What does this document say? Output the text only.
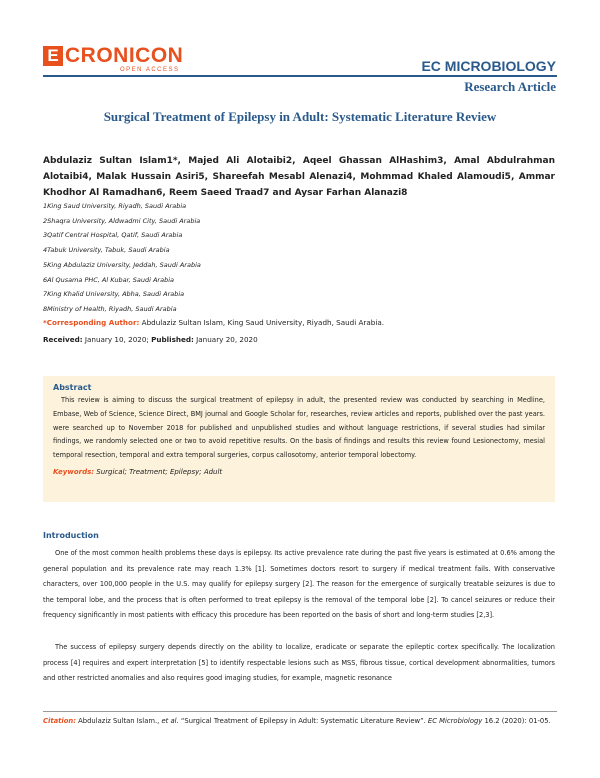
E CRONICON
OPEN ACCESS	EC MICROBIOLOGY
Research Article
Surgical Treatment of Epilepsy in Adult: Systematic Literature Review
Abdulaziz Sultan Islam1*, Majed Ali Alotaibi2, Aqeel Ghassan AlHashim3, Amal Abdulrahman Alotaibi4, Malak Hussain Asiri5, Shareefah Mesabl Alenazi4, Mohmmad Khaled Alamoudi5, Ammar Khodhor Al Ramadhan6, Reem Saeed Traad7 and Aysar Farhan Alanazi8
1King Saud University, Riyadh, Saudi Arabia
2Shaqra University, Aldwadmi City, Saudi Arabia
3Qatif Central Hospital, Qatif, Saudi Arabia
4Tabuk University, Tabuk, Saudi Arabia
5King Abdulaziz University, Jeddah, Saudi Arabia
6Al Qusama PHC, Al Kubar, Saudi Arabia
7King Khalid University, Abha, Saudi Arabia
8Ministry of Health, Riyadh, Saudi Arabia
*Corresponding Author: Abdulaziz Sultan Islam, King Saud University, Riyadh, Saudi Arabia.
Received: January 10, 2020; Published: January 20, 2020
Abstract
This review is aiming to discuss the surgical treatment of epilepsy in adult, the presented review was conducted by searching in Medline, Embase, Web of Science, Science Direct, BMJ journal and Google Scholar for, researches, review articles and reports, published over the past years. were searched up to November 2018 for published and unpublished studies and without language restrictions, if several studies had similar findings, we randomly selected one or two to avoid repetitive results. On the basis of findings and results this review found Lesionectomy, mesial temporal resection, temporal and extra temporal surgeries, corpus callosotomy, anterior temporal lobectomy.
Keywords: Surgical; Treatment; Epilepsy; Adult
Introduction
One of the most common health problems these days is epilepsy. Its active prevalence rate during the past five years is estimated at 0.6% among the general population and its prevalence rate may reach 1.3% [1]. Sometimes doctors resort to surgery if medical treatment fails. With conservative characters, over 100,000 people in the U.S. may qualify for epilepsy surgery [2]. The reason for the emergence of surgically treatable seizures is due to the temporal lobe, and the process that is often performed to treat epilepsy is the removal of the temporal lobe [2]. To cancel seizures or reduce their frequency significantly in most patients with efficacy this procedure has been reported on the basis of short and long-term studies [2,3].
The success of epilepsy surgery depends directly on the ability to localize, eradicate or separate the epileptic cortex specifically. The localization process [4] requires and expert interpretation [5] to identify respectable lesions such as MSS, fibrous tissue, cortical development abnormalities, tumors and other restricted anomalies and also requires good imaging studies, for example, magnetic resonance
Citation: Abdulaziz Sultan Islam., et al. “Surgical Treatment of Epilepsy in Adult: Systematic Literature Review”. EC Microbiology 16.2 (2020): 01-05.
